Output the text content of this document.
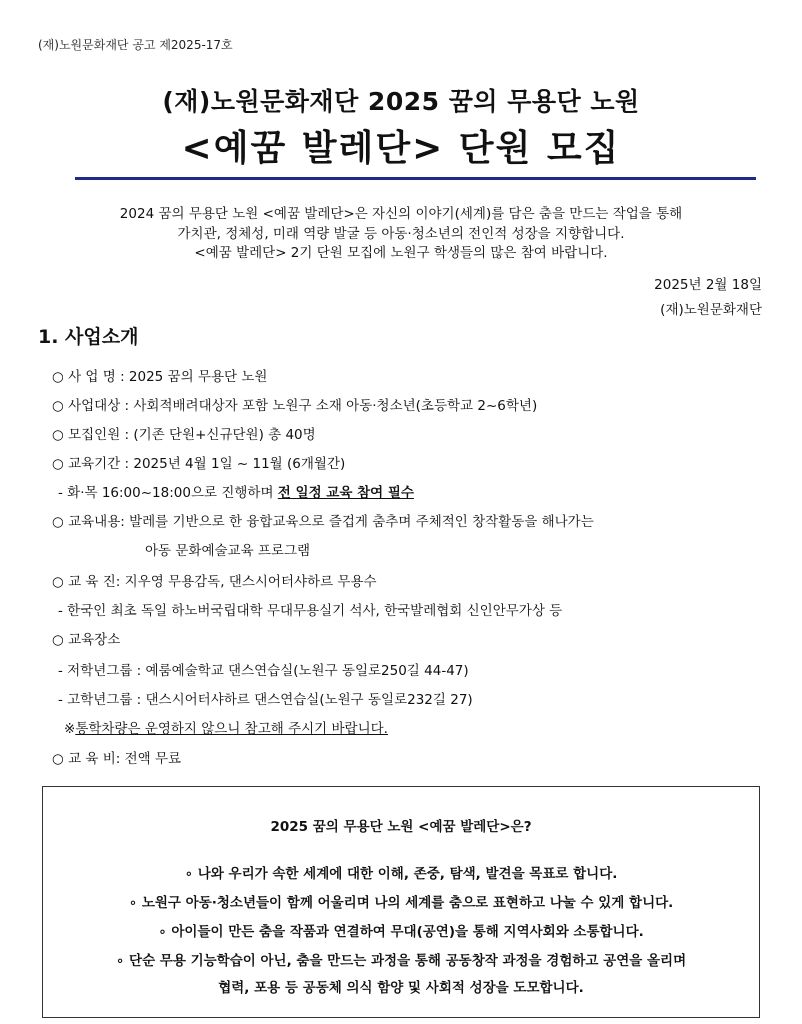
(재)노원문화재단 공고 제2025-17호
(재)노원문화재단 2025 꿈의 무용단 노원
<예꿈 발레단> 단원 모집
2024 꿈의 무용단 노원 <예꿈 발레단>은 자신의 이야기(세계)를 담은 춤을 만드는 작업을 통해
가치관, 정체성, 미래 역량 발굴 등 아동·청소년의 전인적 성장을 지향합니다.
<예꿈 발레단> 2기 단원 모집에 노원구 학생들의 많은 참여 바랍니다.
2025년 2월 18일
(재)노원문화재단
1. 사업소개
○ 사 업 명 : 2025 꿈의 무용단 노원
○ 사업대상 : 사회적배려대상자 포함 노원구 소재 아동·청소년(초등학교 2~6학년)
○ 모집인원 : (기존 단원+신규단원) 총 40명
○ 교육기간 : 2025년 4월 1일 ~ 11월 (6개월간)
- 화·목 16:00~18:00으로 진행하며 전 일정 교육 참여 필수
○ 교육내용: 발레를 기반으로 한 융합교육으로 즐겁게 춤추며 주체적인 창작활동을 해나가는
아동 문화예술교육 프로그램
○ 교 육 진: 지우영 무용감독, 댄스시어터샤하르 무용수
- 한국인 최초 독일 하노버국립대학 무대무용실기 석사, 한국발레협회 신인안무가상 등
○ 교육장소
- 저학년그룹 : 예룸예술학교 댄스연습실(노원구 동일로250길 44-47)
- 고학년그룹 : 댄스시어터샤하르 댄스연습실(노원구 동일로232길 27)
※통학차량은 운영하지 않으니 참고해 주시기 바랍니다.
○ 교 육 비: 전액 무료
2025 꿈의 무용단 노원 <예꿈 발레단>은?
∘ 나와 우리가 속한 세계에 대한 이해, 존중, 탐색, 발견을 목표로 합니다.
∘ 노원구 아동·청소년들이 함께 어울리며 나의 세계를 춤으로 표현하고 나눌 수 있게 합니다.
∘ 아이들이 만든 춤을 작품과 연결하여 무대(공연)을 통해 지역사회와 소통합니다.
∘ 단순 무용 기능학습이 아닌, 춤을 만드는 과정을 통해 공동창작 과정을 경험하고 공연을 올리며
협력, 포용 등 공동체 의식 함양 및 사회적 성장을 도모합니다.
